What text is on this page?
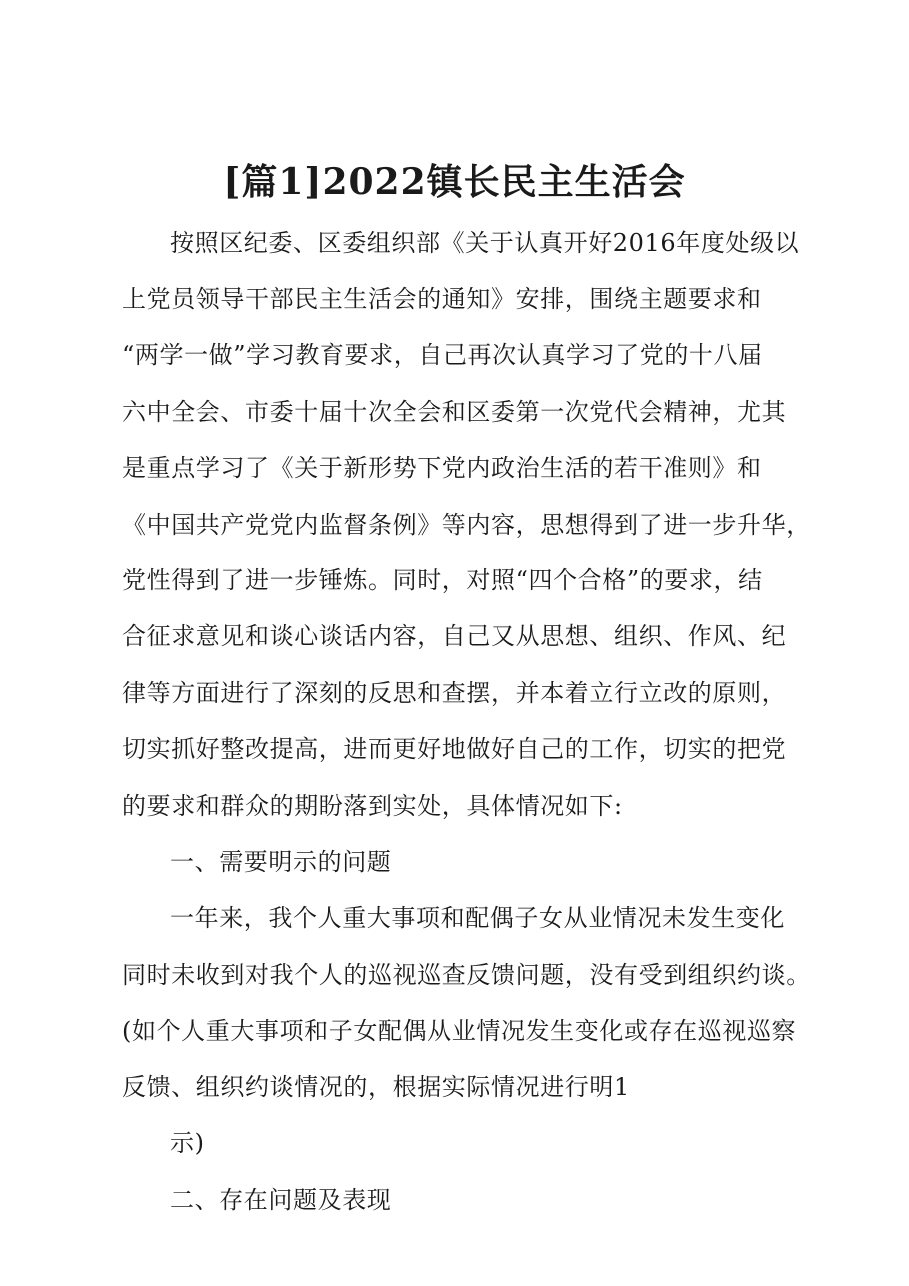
[篇1]2022镇长民主生活会
按照区纪委、区委组织部《关于认真开好2016年度处级以
上党员领导干部民主生活会的通知》安排，围绕主题要求和
“两学一做”学习教育要求，自己再次认真学习了党的十八届
六中全会、市委十届十次全会和区委第一次党代会精神，尤其
是重点学习了《关于新形势下党内政治生活的若干准则》和
《中国共产党党内监督条例》等内容，思想得到了进一步升华，
党性得到了进一步锤炼。同时，对照“四个合格”的要求，结
合征求意见和谈心谈话内容，自己又从思想、组织、作风、纪
律等方面进行了深刻的反思和查摆，并本着立行立改的原则，
切实抓好整改提高，进而更好地做好自己的工作，切实的把党
的要求和群众的期盼落到实处，具体情况如下:
一、需要明示的问题
一年来，我个人重大事项和配偶子女从业情况未发生变化
同时未收到对我个人的巡视巡查反馈问题，没有受到组织约谈。
(如个人重大事项和子女配偶从业情况发生变化或存在巡视巡察
反馈、组织约谈情况的，根据实际情况进行明1
示)
二、存在问题及表现
